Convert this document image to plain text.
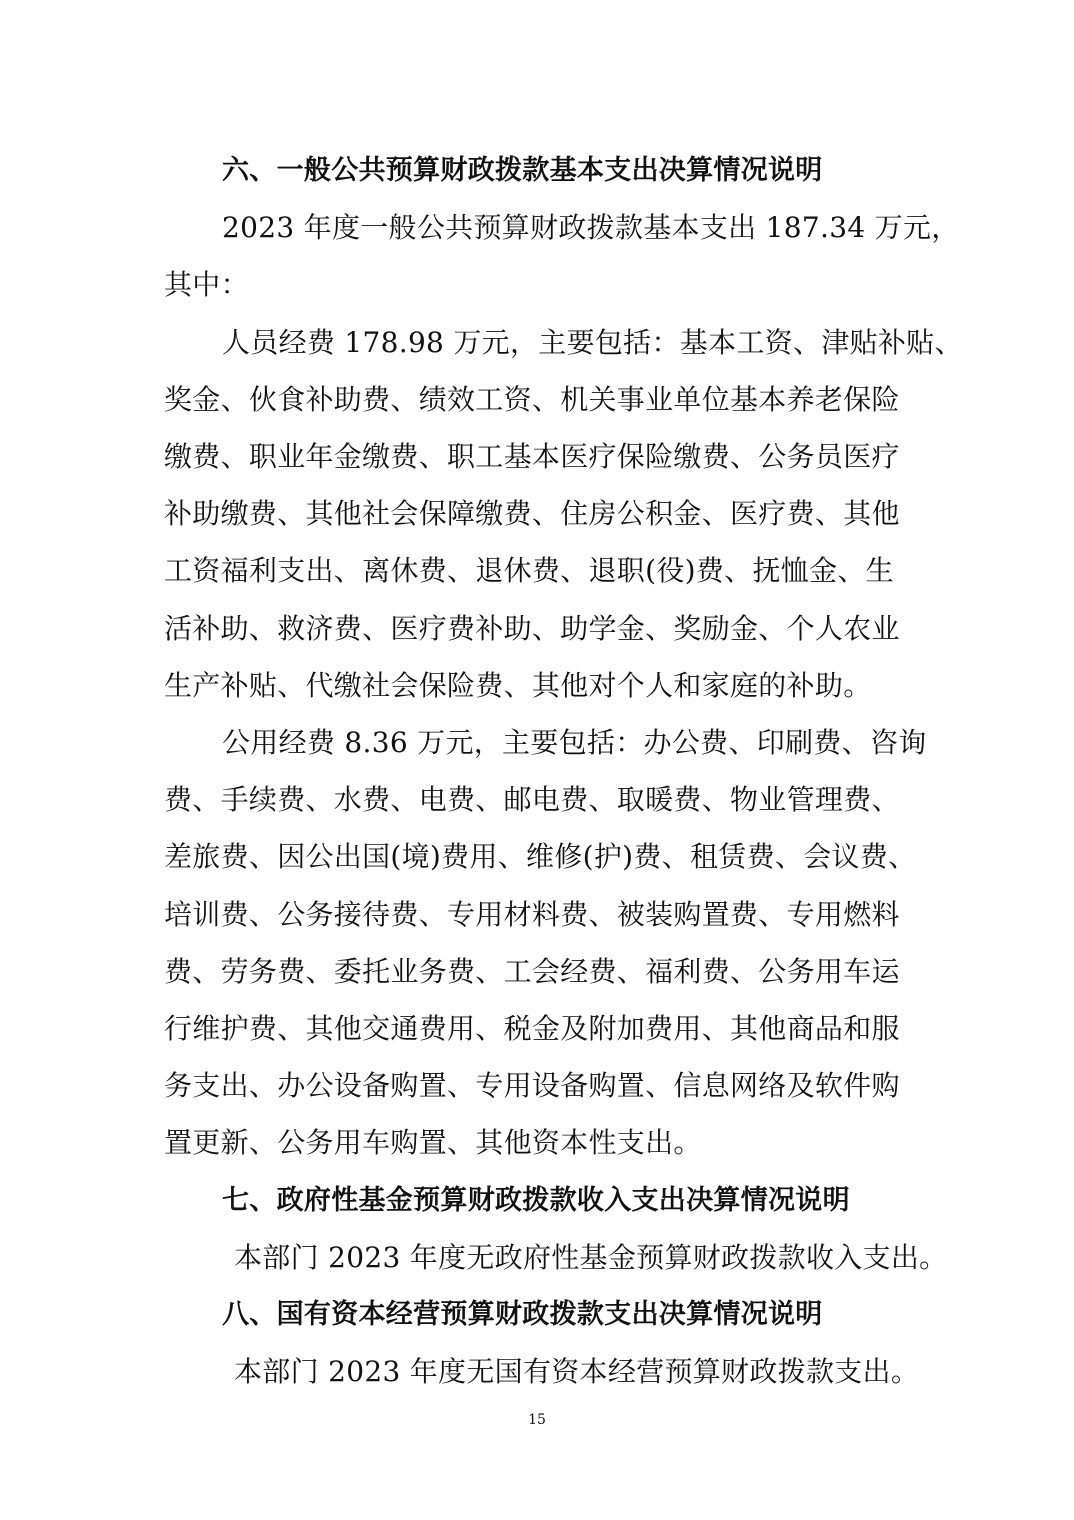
六、一般公共预算财政拨款基本支出决算情况说明
2023 年度一般公共预算财政拨款基本支出 187.34 万元，
其中：
人员经费 178.98 万元，主要包括：基本工资、津贴补贴、
奖金、伙食补助费、绩效工资、机关事业单位基本养老保险
缴费、职业年金缴费、职工基本医疗保险缴费、公务员医疗
补助缴费、其他社会保障缴费、住房公积金、医疗费、其他
工资福利支出、离休费、退休费、退职(役)费、抚恤金、生
活补助、救济费、医疗费补助、助学金、奖励金、个人农业
生产补贴、代缴社会保险费、其他对个人和家庭的补助。
公用经费 8.36 万元，主要包括：办公费、印刷费、咨询
费、手续费、水费、电费、邮电费、取暖费、物业管理费、
差旅费、因公出国(境)费用、维修(护)费、租赁费、会议费、
培训费、公务接待费、专用材料费、被装购置费、专用燃料
费、劳务费、委托业务费、工会经费、福利费、公务用车运
行维护费、其他交通费用、税金及附加费用、其他商品和服
务支出、办公设备购置、专用设备购置、信息网络及软件购
置更新、公务用车购置、其他资本性支出。
七、政府性基金预算财政拨款收入支出决算情况说明
本部门 2023 年度无政府性基金预算财政拨款收入支出。
八、国有资本经营预算财政拨款支出决算情况说明
本部门 2023 年度无国有资本经营预算财政拨款支出。
15
